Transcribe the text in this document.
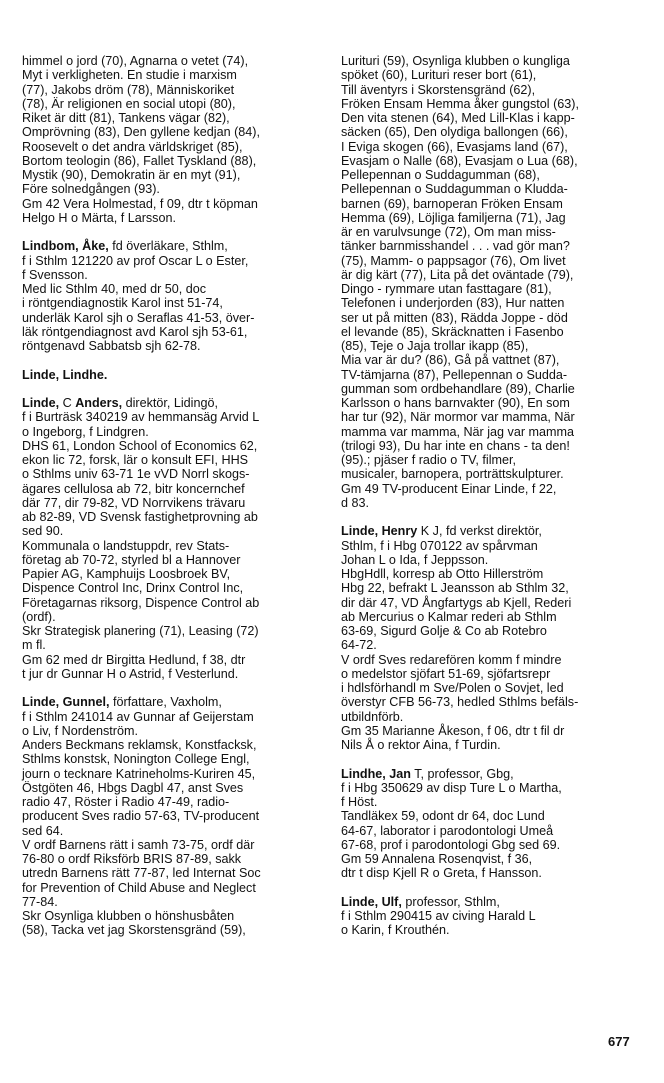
himmel o jord (70), Agnarna o vetet (74),
Myt i verkligheten. En studie i marxism
(77), Jakobs dröm (78), Människoriket
(78), Är religionen en social utopi (80),
Riket är ditt (81), Tankens vägar (82),
Omprövning (83), Den gyllene kedjan (84),
Roosevelt o det andra världskriget (85),
Bortom teologin (86), Fallet Tyskland (88),
Mystik (90), Demokratin är en myt (91),
Före solnedgången (93).
Gm 42 Vera Holmestad, f 09, dtr t köpman
Helgo H o Märta, f Larsson.
Lindbom, Åke, fd överläkare, Sthlm,
f i Sthlm 121220 av prof Oscar L o Ester,
f Svensson.
Med lic Sthlm 40, med dr 50, doc
i röntgendiagnostik Karol inst 51-74,
underläk Karol sjh o Seraflas 41-53, över-
läk röntgendiagnost avd Karol sjh 53-61,
röntgenavd Sabbatsb sjh 62-78.
Linde, Lindhe.
Linde, C Anders, direktör, Lidingö,
f i Burträsk 340219 av hemmansäg Arvid L
o Ingeborg, f Lindgren.
DHS 61, London School of Economics 62,
ekon lic 72, forsk, lär o konsult EFI, HHS
o Sthlms univ 63-71 1e vVD Norrl skogs-
ägares cellulosa ab 72, bitr koncernchef
där 77, dir 79-82, VD Norrvikens trävaru
ab 82-89, VD Svensk fastighetprovning ab
sed 90.
Kommunala o landstuppdr, rev Stats-
företag ab 70-72, styrled bl a Hannover
Papier AG, Kamphuijs Loosbroek BV,
Dispence Control Inc, Drinx Control Inc,
Företagarnas riksorg, Dispence Control ab
(ordf).
Skr Strategisk planering (71), Leasing (72)
m fl.
Gm 62 med dr Birgitta Hedlund, f 38, dtr
t jur dr Gunnar H o Astrid, f Vesterlund.
Linde, Gunnel, författare, Vaxholm,
f i Sthlm 241014 av Gunnar af Geijerstam
o Liv, f Nordenström.
Anders Beckmans reklamsk, Konstfacksk,
Sthlms konstsk, Nonington College Engl,
journ o tecknare Katrineholms-Kuriren 45,
Östgöten 46, Hbgs Dagbl 47, anst Sves
radio 47, Röster i Radio 47-49, radio-
producent Sves radio 57-63, TV-producent
sed 64.
V ordf Barnens rätt i samh 73-75, ordf där
76-80 o ordf Riksförb BRIS 87-89, sakk
utredn Barnens rätt 77-87, led Internat Soc
for Prevention of Child Abuse and Neglect
77-84.
Skr Osynliga klubben o hönshusbåten
(58), Tacka vet jag Skorstensgränd (59),
Lurituri (59), Osynliga klubben o kungliga
spöket (60), Lurituri reser bort (61),
Till äventyrs i Skorstensgränd (62),
Fröken Ensam Hemma åker gungstol (63),
Den vita stenen (64), Med Lill-Klas i kapp-
säcken (65), Den olydiga ballongen (66),
I Eviga skogen (66), Evasjams land (67),
Evasjam o Nalle (68), Evasjam o Lua (68),
Pellepennan o Suddagumman (68),
Pellepennan o Suddagumman o Kludda-
barnen (69), barnoperan Fröken Ensam
Hemma (69), Löjliga familjerna (71), Jag
är en varulvsunge (72), Om man miss-
tänker barnmisshandel . . . vad gör man?
(75), Mamm- o pappsagor (76), Om livet
är dig kärt (77), Lita på det oväntade (79),
Dingo - rymmare utan fasttagare (81),
Telefonen i underjorden (83), Hur natten
ser ut på mitten (83), Rädda Joppe - död
el levande (85), Skräcknatten i Fasenbo
(85), Teje o Jaja trollar ikapp (85),
Mia var är du? (86), Gå på vattnet (87),
TV-tämjarna (87), Pellepennan o Sudda-
gumman som ordbehandlare (89), Charlie
Karlsson o hans barnvakter (90), En som
har tur (92), När mormor var mamma, När
mamma var mamma, När jag var mamma
(trilogi 93), Du har inte en chans - ta den!
(95).; pjäser f radio o TV, filmer,
musicaler, barnopera, porträttskulpturer.
Gm 49 TV-producent Einar Linde, f 22,
d 83.
Linde, Henry K J, fd verkst direktör,
Sthlm, f i Hbg 070122 av spårvman
Johan L o Ida, f Jeppsson.
HbgHdll, korresp ab Otto Hillerström
Hbg 22, befrakt L Jeansson ab Sthlm 32,
dir där 47, VD Ångfartygs ab Kjell, Rederi
ab Mercurius o Kalmar rederi ab Sthlm
63-69, Sigurd Golje & Co ab Rotebro
64-72.
V ordf Sves redarefören komm f mindre
o medelstor sjöfart 51-69, sjöfartsrepr
i hdlsförhandl m Sve/Polen o Sovjet, led
överstyr CFB 56-73, hedled Sthlms befäls-
utbildnförb.
Gm 35 Marianne Åkeson, f 06, dtr t fil dr
Nils Å o rektor Aina, f Turdin.
Lindhe, Jan T, professor, Gbg,
f i Hbg 350629 av disp Ture L o Martha,
f Höst.
Tandläkex 59, odont dr 64, doc Lund
64-67, laborator i parodontologi Umeå
67-68, prof i parodontologi Gbg sed 69.
Gm 59 Annalena Rosenqvist, f 36,
dtr t disp Kjell R o Greta, f Hansson.
Linde, Ulf, professor, Sthlm,
f i Sthlm 290415 av civing Harald L
o Karin, f Krouthén.
677
